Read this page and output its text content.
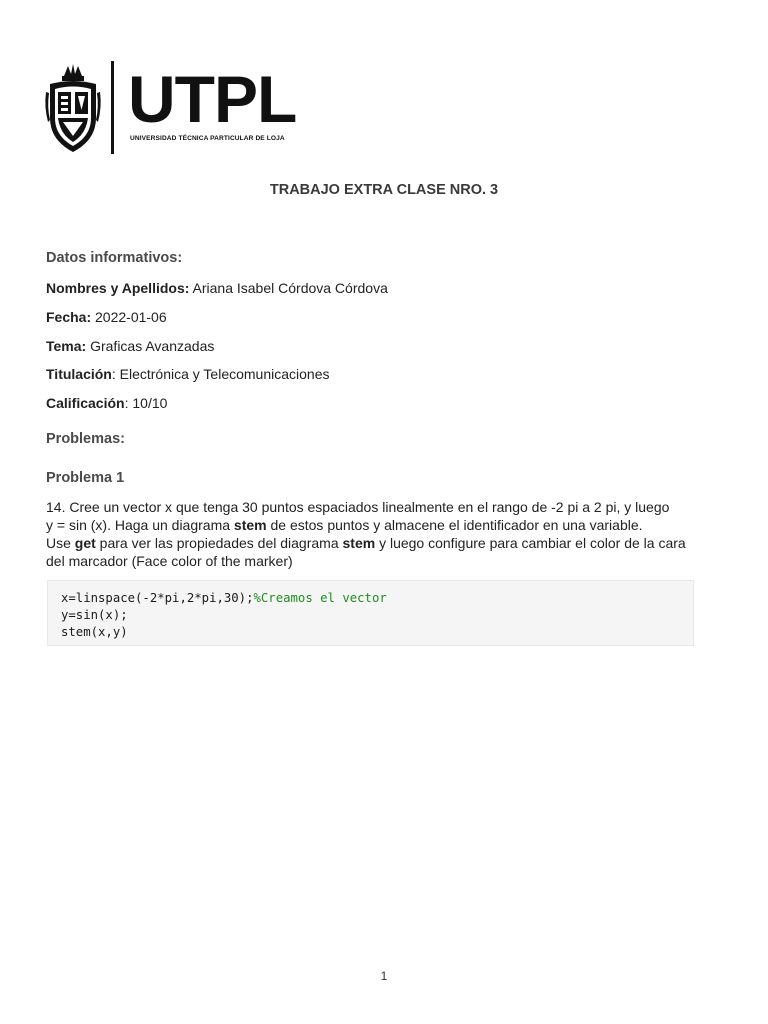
UTPL
UNIVERSIDAD TÉCNICA PARTICULAR DE LOJA
TRABAJO EXTRA CLASE NRO. 3
Datos informativos:
Nombres y Apellidos: Ariana Isabel Córdova Córdova
Fecha: 2022-01-06
Tema: Graficas Avanzadas
Titulación: Electrónica y Telecomunicaciones
Calificación: 10/10
Problemas:
Problema 1
14. Cree un vector x que tenga 30 puntos espaciados linealmente en el rango de -2 pi a 2 pi, y luego
y = sin (x). Haga un diagrama stem de estos puntos y almacene el identificador en una variable.
Use get para ver las propiedades del diagrama stem y luego configure para cambiar el color de la cara
del marcador (Face color of the marker)
x=linspace(-2*pi,2*pi,30);%Creamos el vector
y=sin(x);
stem(x,y)
1
